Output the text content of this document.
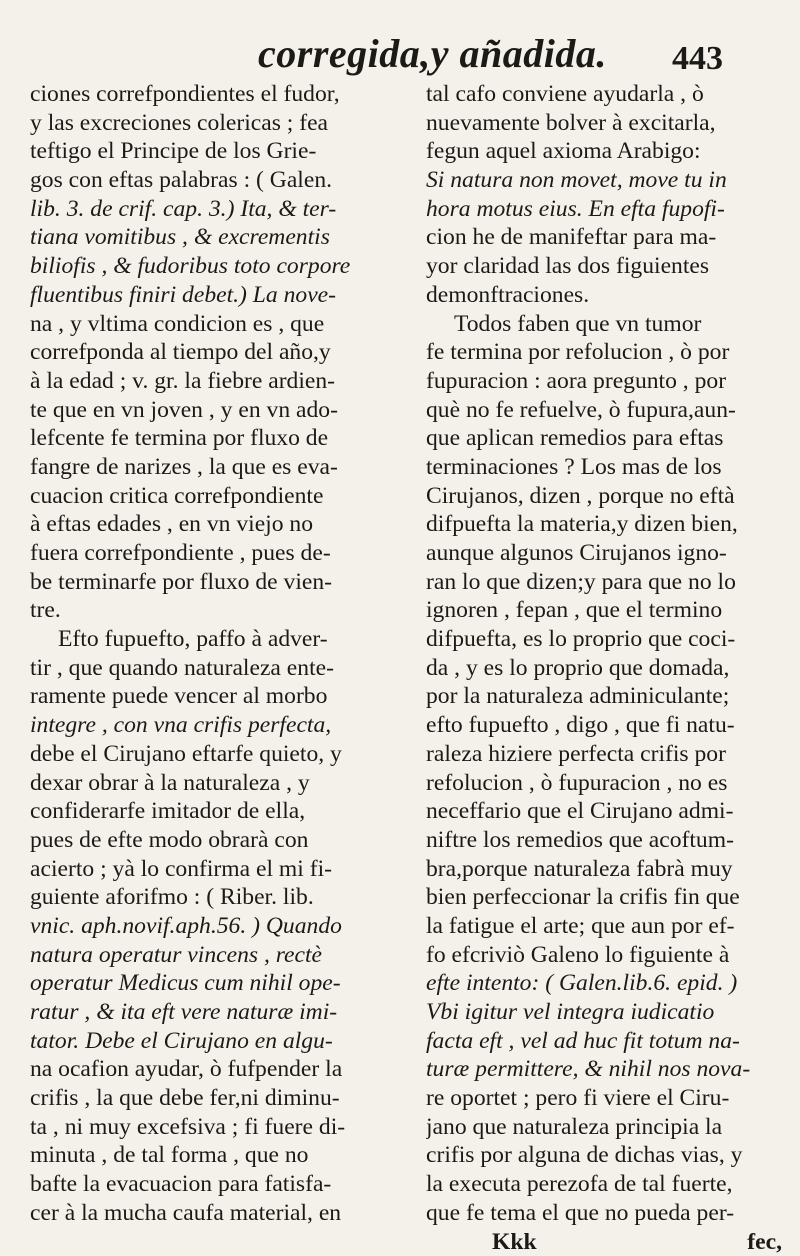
corregida,y añadida. 443
ciones correfpondientes el fudor,
y las excreciones colericas ; fea
teftigo el Principe de los Grie-
gos con eftas palabras : ( Galen.
lib. 3. de crif. cap. 3.) Ita, & ter-
tiana vomitibus , & excrementis
biliofis , & fudoribus toto corpore
fluentibus finiri debet.) La nove-
na , y vltima condicion es , que
correfponda al tiempo del año,y
à la edad ; v. gr. la fiebre ardien-
te que en vn joven , y en vn ado-
lefcente fe termina por fluxo de
fangre de narizes , la que es eva-
cuacion critica correfpondiente
à eftas edades , en vn viejo no
fuera correfpondiente , pues de-
be terminarfe por fluxo de vien-
tre.
Efto fupuefto, paffo à adver-
tir , que quando naturaleza ente-
ramente puede vencer al morbo
integre , con vna crifis perfecta,
debe el Cirujano eftarfe quieto, y
dexar obrar à la naturaleza , y
confiderarfe imitador de ella,
pues de efte modo obrarà con
acierto ; yà lo confirma el mi fi-
guiente aforifmo : ( Riber. lib.
vnic. aph.novif.aph.56. ) Quando
natura operatur vincens , rectè
operatur Medicus cum nihil ope-
ratur , & ita eft vere naturæ imi-
tator. Debe el Cirujano en algu-
na ocafion ayudar, ò fufpender la
crifis , la que debe fer,ni diminu-
ta , ni muy excefsiva ; fi fuere di-
minuta , de tal forma , que no
bafte la evacuacion para fatisfa-
cer à la mucha caufa material, en
tal cafo conviene ayudarla , ò
nuevamente bolver à excitarla,
fegun aquel axioma Arabigo:
Si natura non movet, move tu in
hora motus eius. En efta fupofi-
cion he de manifeftar para ma-
yor claridad las dos figuientes
demonftraciones.
Todos faben que vn tumor
fe termina por refolucion , ò por
fupuracion : aora pregunto , por
què no fe refuelve, ò fupura,aun-
que aplican remedios para eftas
terminaciones ? Los mas de los
Cirujanos, dizen , porque no eftà
difpuefta la materia,y dizen bien,
aunque algunos Cirujanos igno-
ran lo que dizen;y para que no lo
ignoren , fepan , que el termino
difpuefta, es lo proprio que coci-
da , y es lo proprio que domada,
por la naturaleza adminiculante;
efto fupuefto , digo , que fi natu-
raleza hiziere perfecta crifis por
refolucion , ò fupuracion , no es
neceffario que el Cirujano admi-
niftre los remedios que acoftum-
bra,porque naturaleza fabrà muy
bien perfeccionar la crifis fin que
la fatigue el arte; que aun por ef-
fo efcriviò Galeno lo figuiente à
efte intento: ( Galen.lib.6. epid. )
Vbi igitur vel integra iudicatio
facta eft , vel ad huc fit totum na-
turæ permittere, & nihil nos nova-
re oportet ; pero fi viere el Ciru-
jano que naturaleza principia la
crifis por alguna de dichas vias, y
la executa perezofa de tal fuerte,
que fe tema el que no pueda per-
Kkk	fec,
